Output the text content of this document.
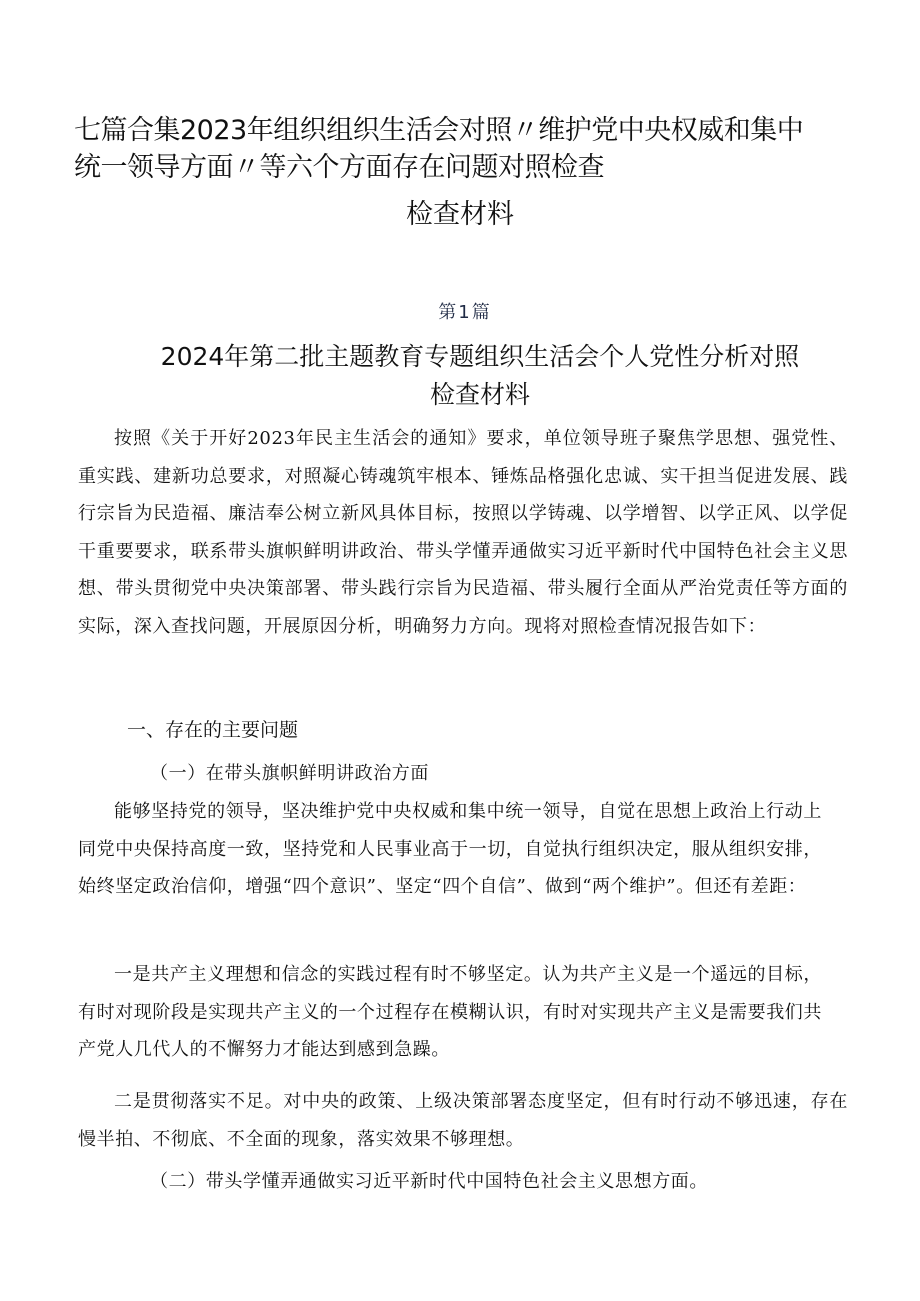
七篇合集2023年组织组织生活会对照〃维护党中央权威和集中
统一领导方面〃等六个方面存在问题对照检查
检查材料
第1篇
2024年第二批主题教育专题组织生活会个人党性分析对照
检查材料
按照《关于开好2023年民主生活会的通知》要求，单位领导班子聚焦学思想、强党性、重实践、建新功总要求，对照凝心铸魂筑牢根本、锤炼品格强化忠诚、实干担当促进发展、践行宗旨为民造福、廉洁奉公树立新风具体目标，按照以学铸魂、以学增智、以学正风、以学促干重要要求，联系带头旗帜鲜明讲政治、带头学懂弄通做实习近平新时代中国特色社会主义思想、带头贯彻党中央决策部署、带头践行宗旨为民造福、带头履行全面从严治党责任等方面的实际，深入查找问题，开展原因分析，明确努力方向。现将对照检查情况报告如下：
一、存在的主要问题
（一）在带头旗帜鲜明讲政治方面
能够坚持党的领导，坚决维护党中央权威和集中统一领导，自觉在思想上政治上行动上同党中央保持高度一致，坚持党和人民事业高于一切，自觉执行组织决定，服从组织安排，始终坚定政治信仰，增强“四个意识”、坚定“四个自信”、做到“两个维护”。但还有差距：
一是共产主义理想和信念的实践过程有时不够坚定。认为共产主义是一个遥远的目标，有时对现阶段是实现共产主义的一个过程存在模糊认识，有时对实现共产主义是需要我们共产党人几代人的不懈努力才能达到感到急躁。
二是贯彻落实不足。对中央的政策、上级决策部署态度坚定，但有时行动不够迅速，存在慢半拍、不彻底、不全面的现象，落实效果不够理想。
（二）带头学懂弄通做实习近平新时代中国特色社会主义思想方面。
